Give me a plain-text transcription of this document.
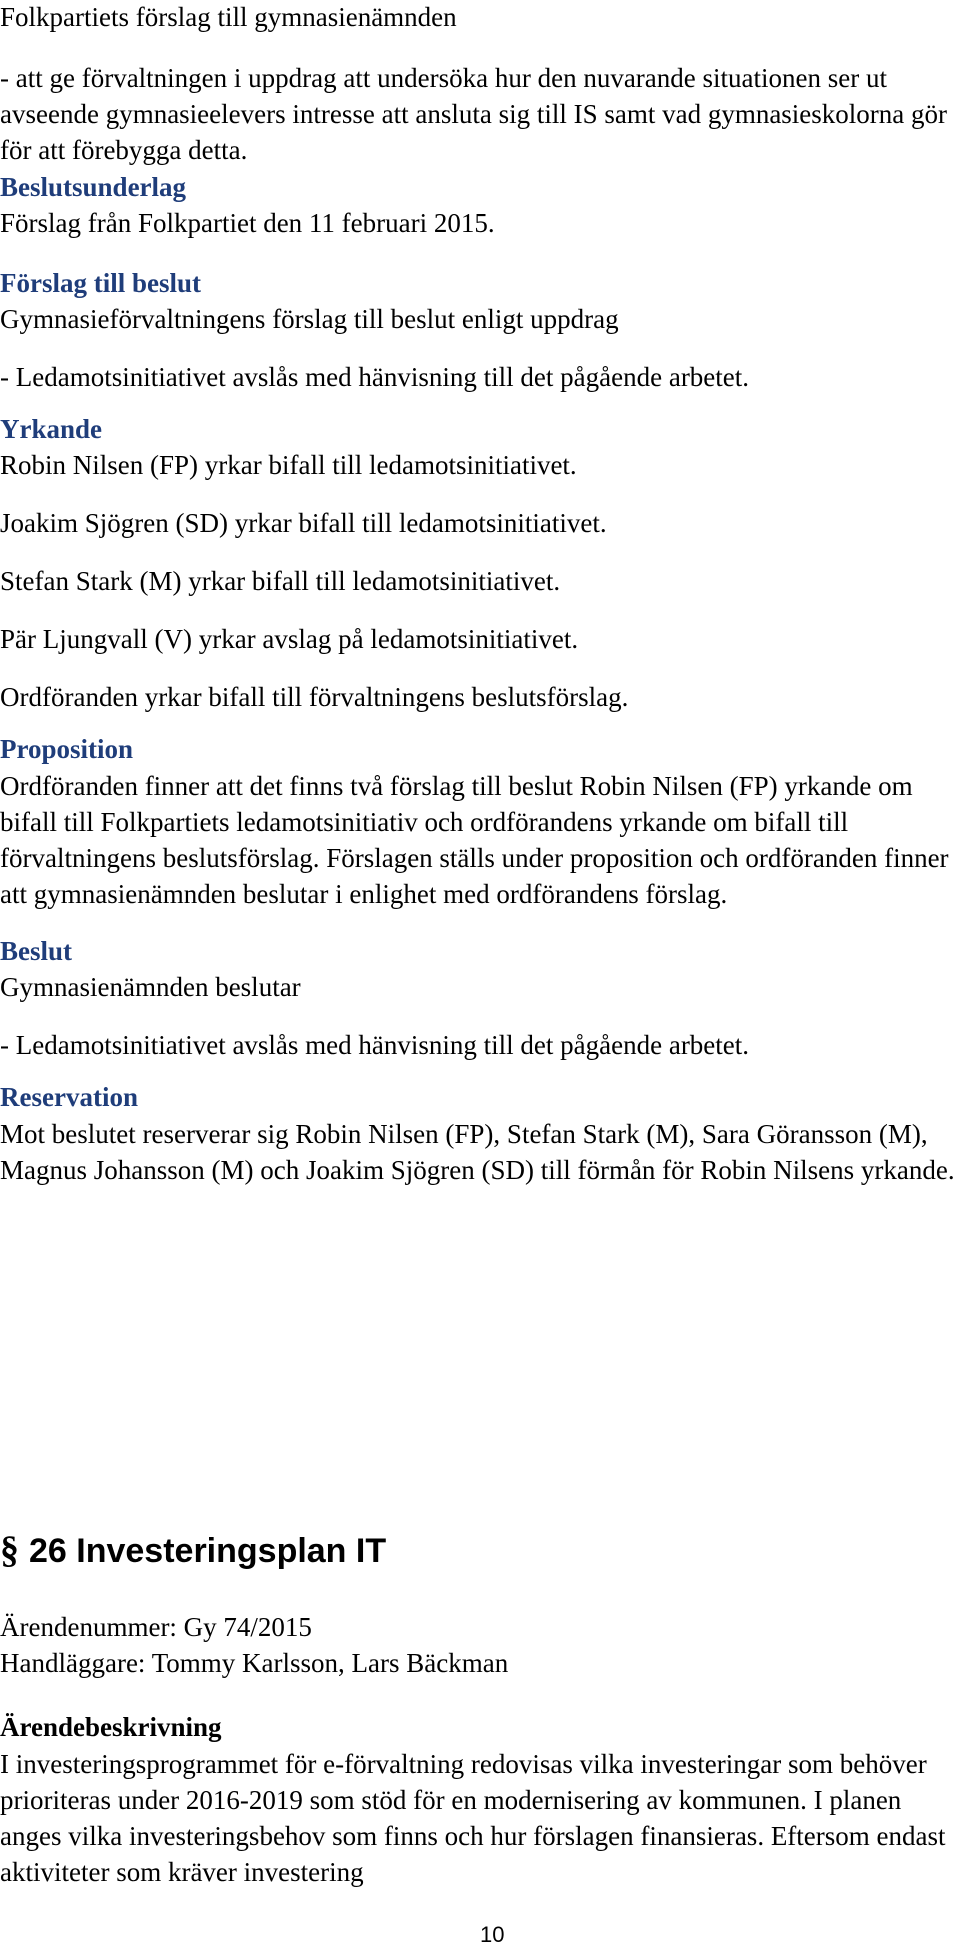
Folkpartiets förslag till gymnasienämnden

- att ge förvaltningen i uppdrag att undersöka hur den nuvarande situationen ser ut avseende gymnasieelevers intresse att ansluta sig till IS samt vad gymnasieskolorna gör för att förebygga detta.

Beslutsunderlag

Förslag från Folkpartiet den 11 februari 2015.

Förslag till beslut

Gymnasieförvaltningens förslag till beslut enligt uppdrag

- Ledamotsinitiativet avslås med hänvisning till det pågående arbetet.

Yrkande

Robin Nilsen (FP) yrkar bifall till ledamotsinitiativet.

Joakim Sjögren (SD) yrkar bifall till ledamotsinitiativet.

Stefan Stark (M) yrkar bifall till ledamotsinitiativet.

Pär Ljungvall (V) yrkar avslag på ledamotsinitiativet.

Ordföranden yrkar bifall till förvaltningens beslutsförslag.

Proposition

Ordföranden finner att det finns två förslag till beslut Robin Nilsen (FP) yrkande om bifall till Folkpartiets ledamotsinitiativ och ordförandens yrkande om bifall till förvaltningens beslutsförslag. Förslagen ställs under proposition och ordföranden finner att gymnasienämnden beslutar i enlighet med ordförandens förslag.

Beslut

Gymnasienämnden beslutar

- Ledamotsinitiativet avslås med hänvisning till det pågående arbetet.

Reservation

Mot beslutet reserverar sig Robin Nilsen (FP), Stefan Stark (M), Sara Göransson (M), Magnus Johansson (M) och Joakim Sjögren (SD) till förmån för Robin Nilsens yrkande.

§ 26 Investeringsplan IT

Ärendenummer: Gy 74/2015

Handläggare: Tommy Karlsson, Lars Bäckman

Ärendebeskrivning

I investeringsprogrammet för e-förvaltning redovisas vilka investeringar som behöver prioriteras under 2016-2019 som stöd för en modernisering av kommunen. I planen anges vilka investeringsbehov som finns och hur förslagen finansieras. Eftersom endast aktiviteter som kräver investering

10
